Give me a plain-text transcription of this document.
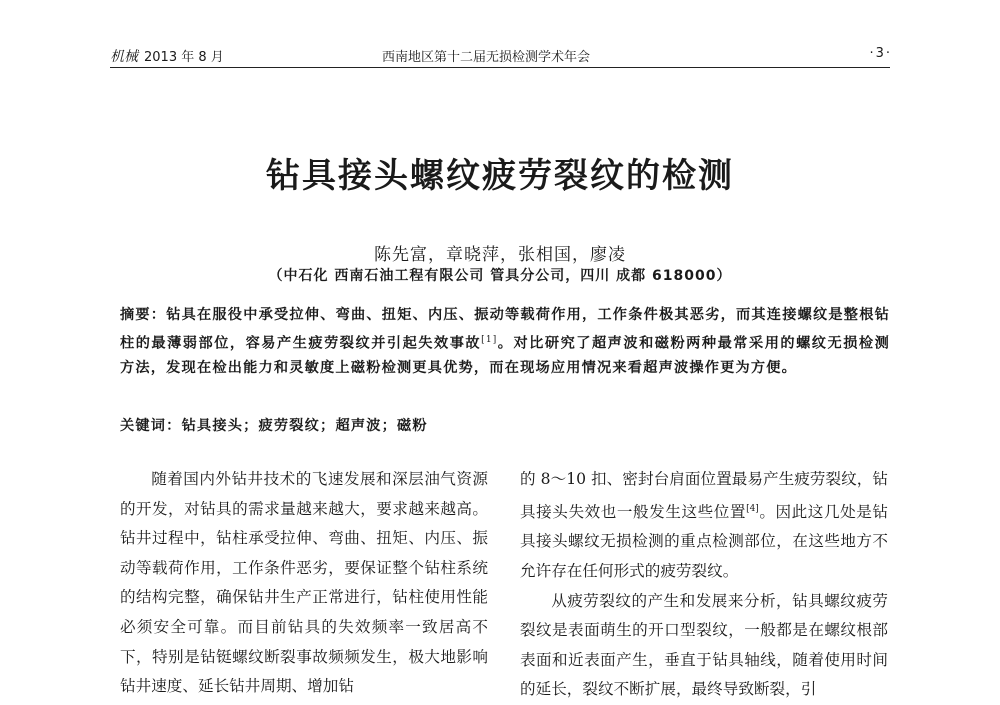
机械 2013 年 8 月	西南地区第十二届无损检测学术年会	·3·
钻具接头螺纹疲劳裂纹的检测
陈先富，章晓萍，张相国，廖凌
（中石化 西南石油工程有限公司 管具分公司，四川 成都 618000）
摘要：钻具在服役中承受拉伸、弯曲、扭矩、内压、振动等载荷作用，工作条件极其恶劣，而其连接螺纹是整根钻柱的最薄弱部位，容易产生疲劳裂纹并引起失效事故[1]。对比研究了超声波和磁粉两种最常采用的螺纹无损检测方法，发现在检出能力和灵敏度上磁粉检测更具优势，而在现场应用情况来看超声波操作更为方便。
关键词：钻具接头；疲劳裂纹；超声波；磁粉

随着国内外钻井技术的飞速发展和深层油气资源的开发，对钻具的需求量越来越大，要求越来越高。钻井过程中，钻柱承受拉伸、弯曲、扭矩、内压、振动等载荷作用，工作条件恶劣，要保证整个钻柱系统的结构完整，确保钻井生产正常进行，钻柱使用性能必须安全可靠。而目前钻具的失效频率一致居高不下，特别是钻铤螺纹断裂事故频频发生，极大地影响钻井速度、延长钻井周期、增加钻

的 8～10 扣、密封台肩面位置最易产生疲劳裂纹，钻具接头失效也一般发生这些位置[4]。因此这几处是钻具接头螺纹无损检测的重点检测部位，在这些地方不允许存在任何形式的疲劳裂纹。

从疲劳裂纹的产生和发展来分析，钻具螺纹疲劳裂纹是表面萌生的开口型裂纹，一般都是在螺纹根部表面和近表面产生，垂直于钻具轴线，随着使用时间的延长，裂纹不断扩展，最终导致断裂，引
